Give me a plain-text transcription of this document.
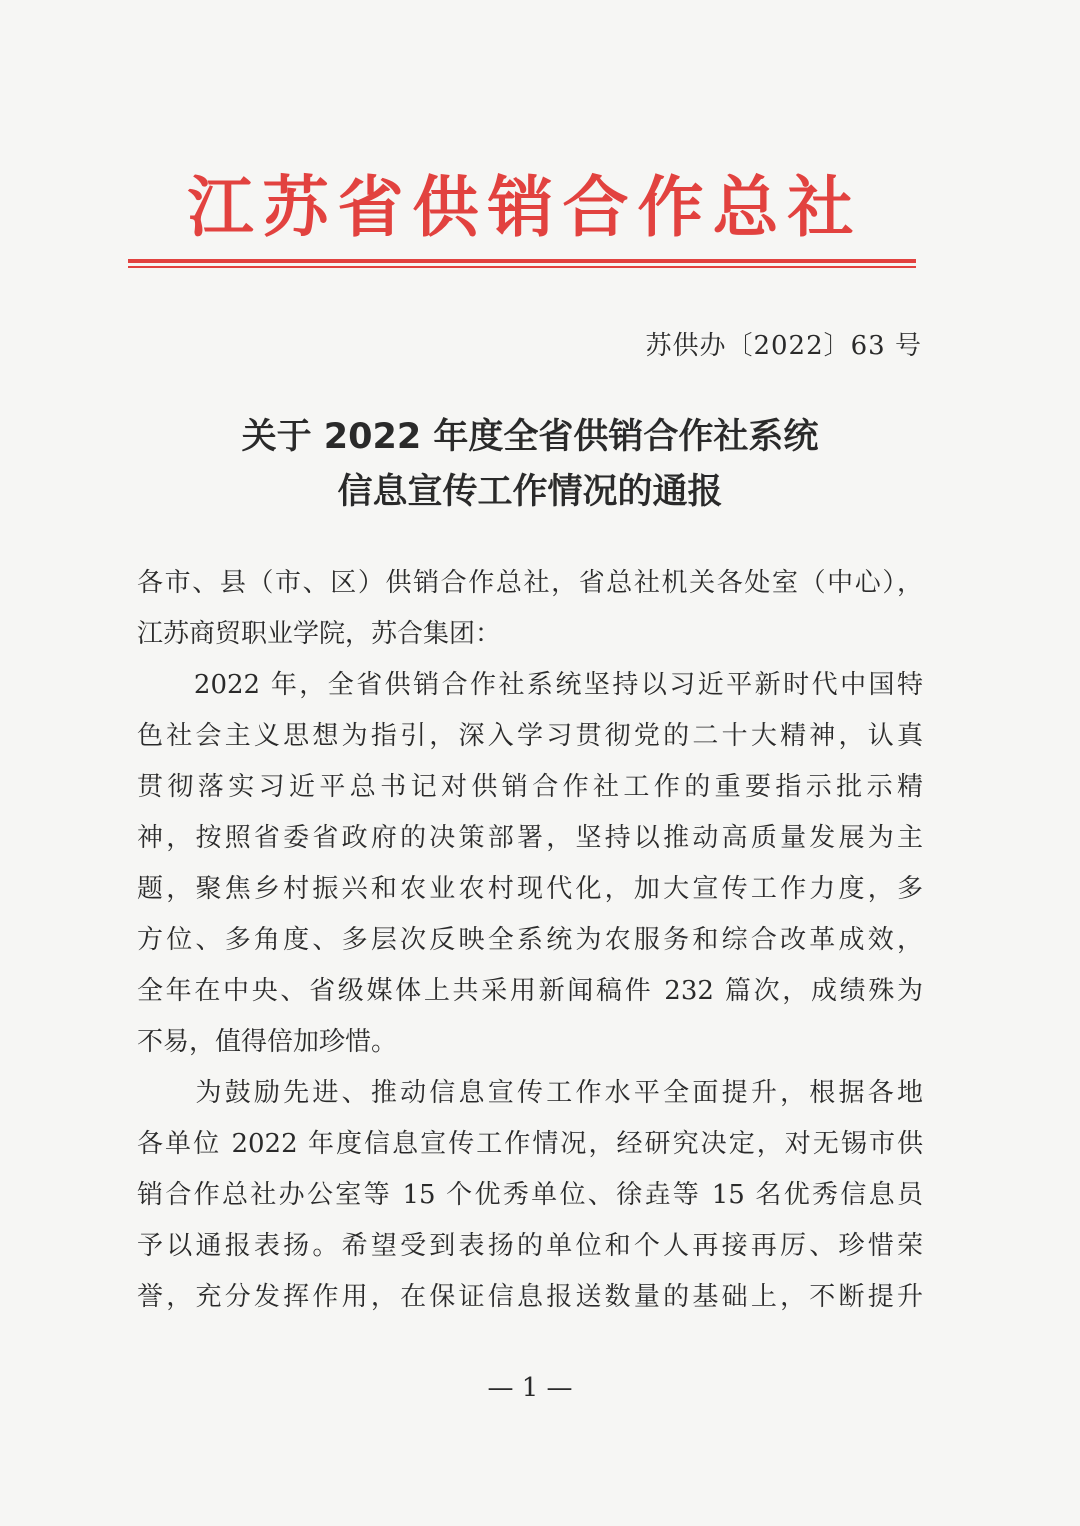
江苏省供销合作总社
苏供办〔2022〕63 号
关于 2022 年度全省供销合作社系统
信息宣传工作情况的通报
各市、县（市、区）供销合作总社，省总社机关各处室（中心），
江苏商贸职业学院，苏合集团：
　　2022 年，全省供销合作社系统坚持以习近平新时代中国特
色社会主义思想为指引，深入学习贯彻党的二十大精神，认真
贯彻落实习近平总书记对供销合作社工作的重要指示批示精
神，按照省委省政府的决策部署，坚持以推动高质量发展为主
题，聚焦乡村振兴和农业农村现代化，加大宣传工作力度，多
方位、多角度、多层次反映全系统为农服务和综合改革成效，
全年在中央、省级媒体上共采用新闻稿件 232 篇次，成绩殊为
不易，值得倍加珍惜。
　　为鼓励先进、推动信息宣传工作水平全面提升，根据各地
各单位 2022 年度信息宣传工作情况，经研究决定，对无锡市供
销合作总社办公室等 15 个优秀单位、徐垚等 15 名优秀信息员
予以通报表扬。希望受到表扬的单位和个人再接再厉、珍惜荣
誉，充分发挥作用，在保证信息报送数量的基础上，不断提升
— 1 —
